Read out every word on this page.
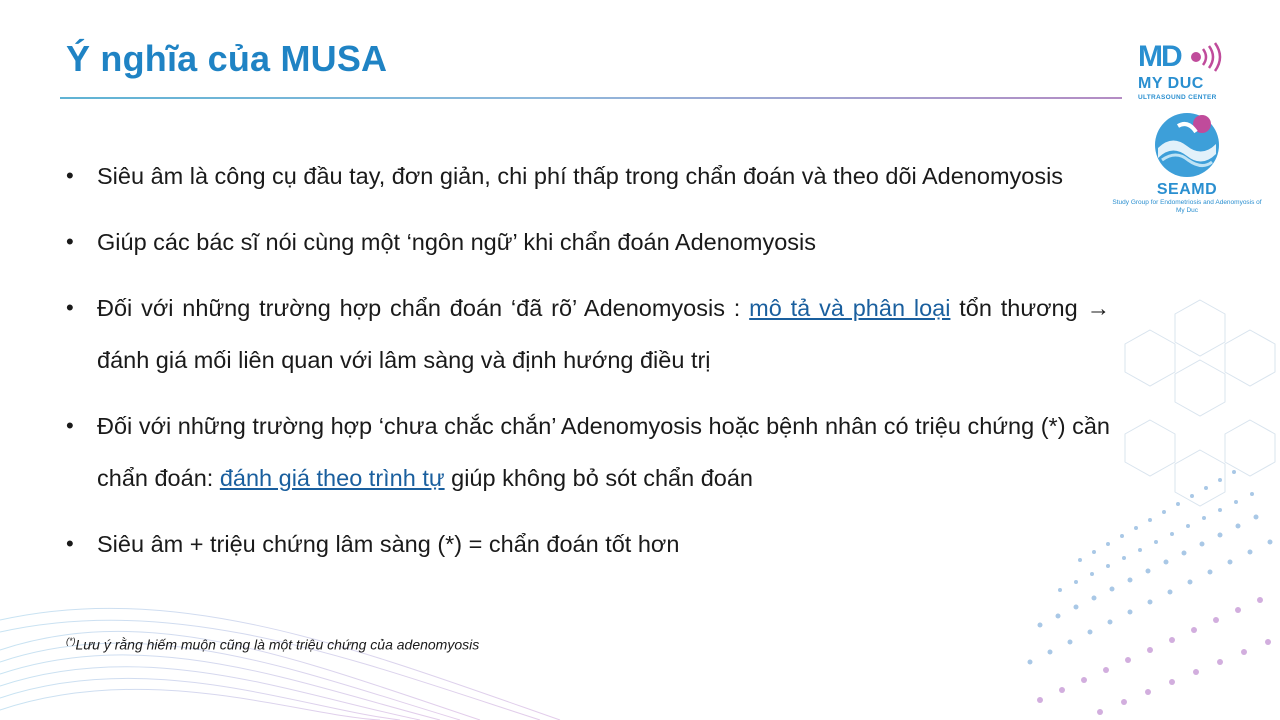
Ý nghĩa của MUSA	MD
MY DUC
ULTRASOUND CENTER
SEAMD
Study Group for Endometriosis and Adenomyosis of My Duc
• Siêu âm là công cụ đầu tay, đơn giản, chi phí thấp trong chẩn đoán và theo dõi Adenomyosis
• Giúp các bác sĩ nói cùng một ‘ngôn ngữ’ khi chẩn đoán Adenomyosis
• Đối với những trường hợp chẩn đoán ‘đã rõ’ Adenomyosis : mô tả và phân loại tổn thương → đánh giá mối liên quan với lâm sàng và định hướng điều trị
• Đối với những trường hợp ‘chưa chắc chắn’ Adenomyosis hoặc bệnh nhân có triệu chứng (*) cần chẩn đoán: đánh giá theo trình tự giúp không bỏ sót chẩn đoán
• Siêu âm + triệu chứng lâm sàng (*) = chẩn đoán tốt hơn
(*)Lưu ý rằng hiếm muộn cũng là một triệu chứng của adenomyosis
